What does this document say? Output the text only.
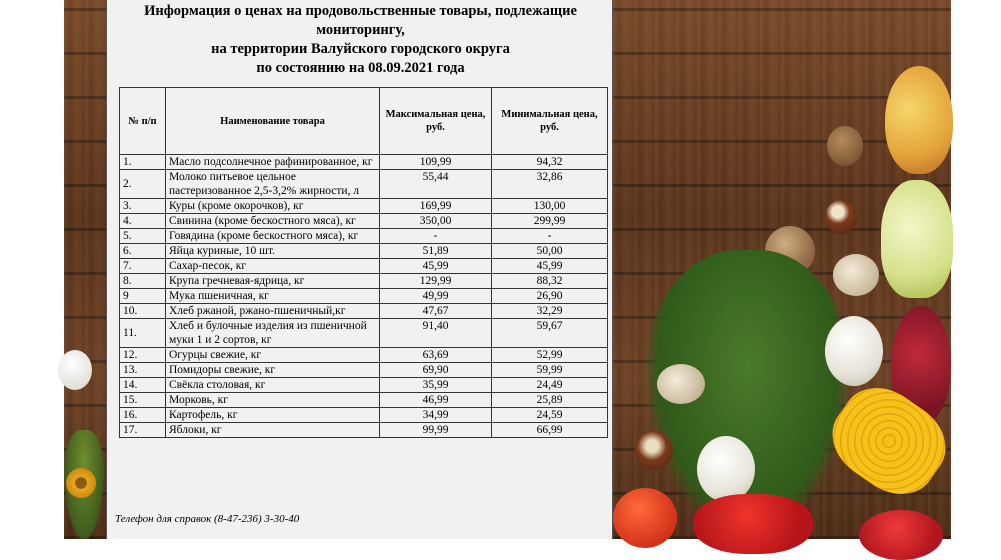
Информация о ценах на продовольственные товары, подлежащие
мониторингу,
на территории Валуйского городского округа
по состоянию на 08.09.2021 года
№ п/п	Наименование товара	Максимальная цена, руб.	Минимальная цена, руб.
1.	Масло подсолнечное рафинированное, кг	109,99	94,32
2.	Молоко питьевое цельное пастеризованное 2,5-3,2% жирности, л	55,44	32,86
3.	Куры (кроме окорочков), кг	169,99	130,00
4.	Свинина (кроме бескостного мяса), кг	350,00	299,99
5.	Говядина (кроме бескостного мяса), кг	-	-
6.	Яйца куриные, 10 шт.	51,89	50,00
7.	Сахар-песок, кг	45,99	45,99
8.	Крупа гречневая-ядрица, кг	129,99	88,32
9	Мука пшеничная, кг	49,99	26,90
10.	Хлеб ржаной, ржано-пшеничный,кг	47,67	32,29
11.	Хлеб и булочные изделия из пшеничной муки 1 и 2 сортов, кг	91,40	59,67
12.	Огурцы свежие, кг	63,69	52,99
13.	Помидоры свежие, кг	69,90	59,99
14.	Свёкла столовая, кг	35,99	24,49
15.	Морковь, кг	46,99	25,89
16.	Картофель, кг	34,99	24,59
17.	Яблоки, кг	99,99	66,99
Телефон для справок (8-47-236) 3-30-40
